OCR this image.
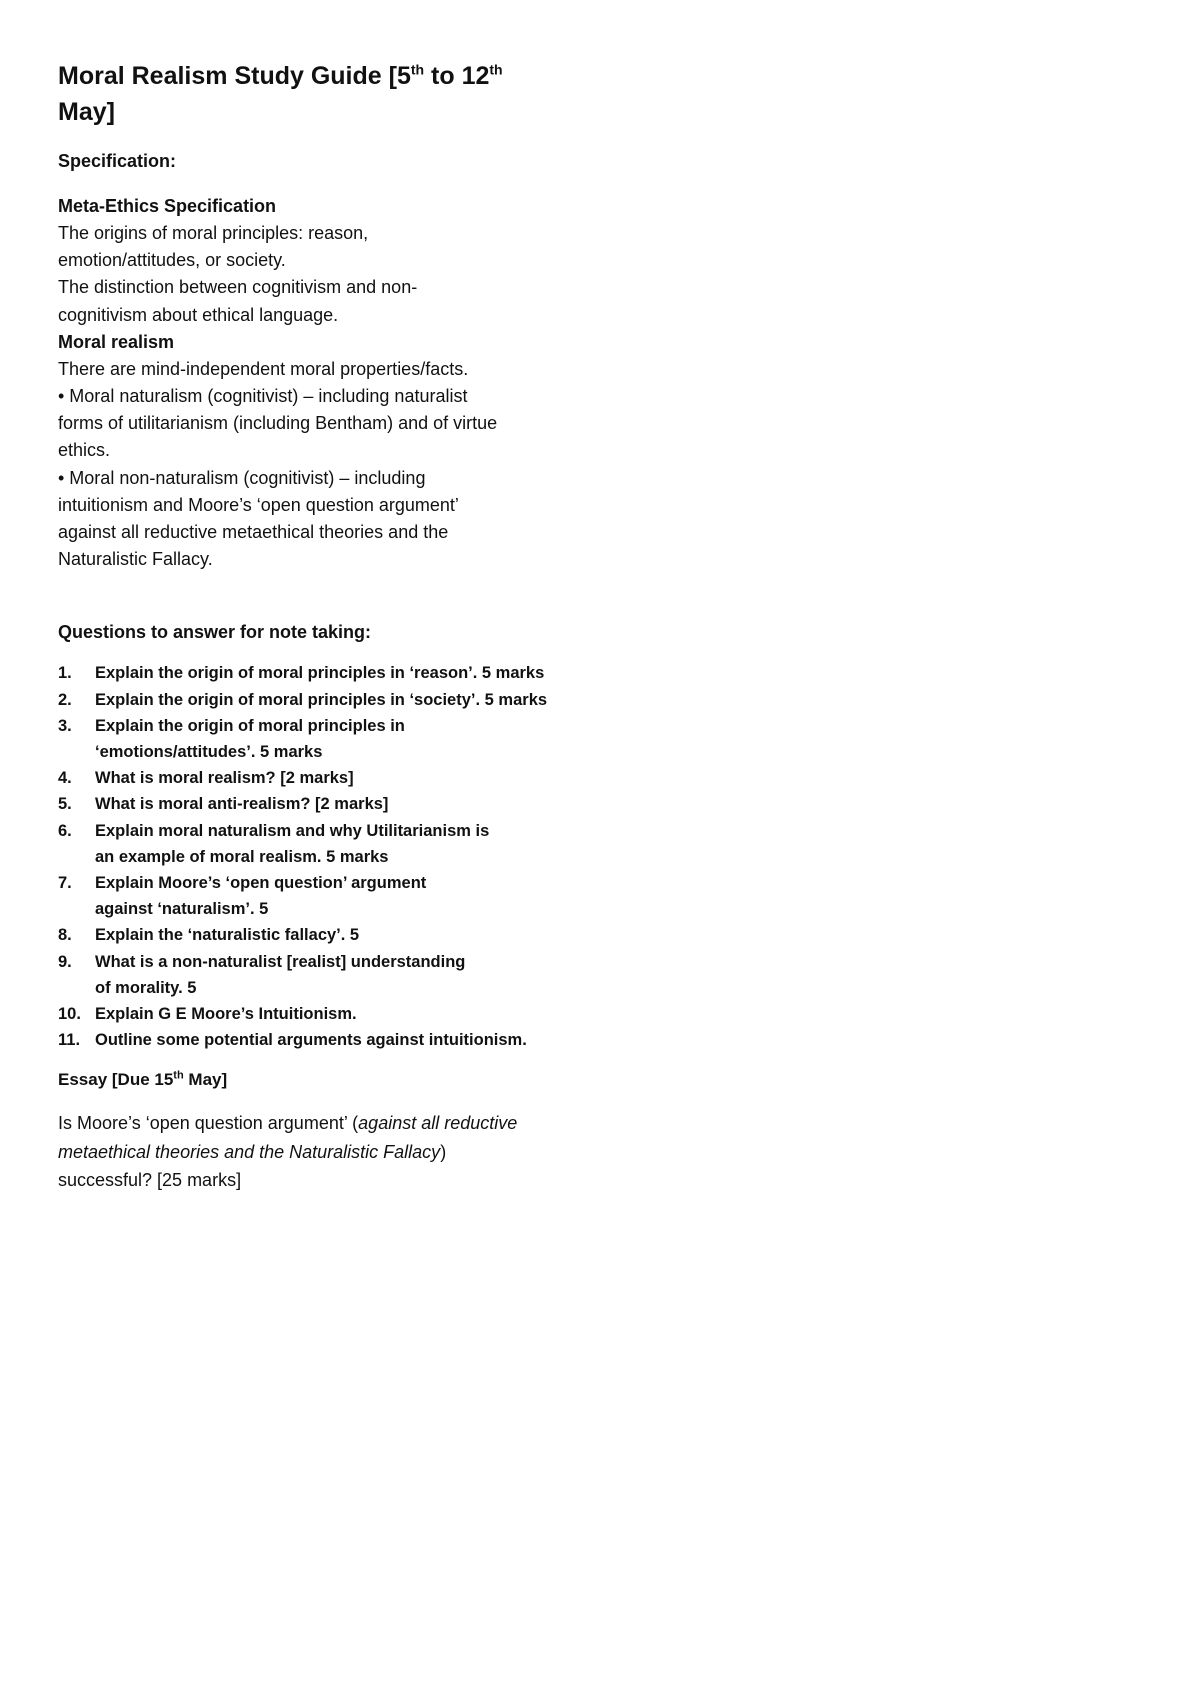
Moral Realism Study Guide [5th to 12th May]

Specification:

Meta-Ethics Specification

The origins of moral principles: reason,

emotion/attitudes, or society.

The distinction between cognitivism and non-

cognitivism about ethical language.

Moral realism

There are mind-independent moral properties/facts.

• Moral naturalism (cognitivist) – including naturalist

forms of utilitarianism (including Bentham) and of virtue

ethics.

• Moral non-naturalism (cognitivist) – including

intuitionism and Moore’s ‘open question argument’

against all reductive metaethical theories and the

Naturalistic Fallacy.

Questions to answer for note taking:

1.	Explain the origin of moral principles in ‘reason’. 5 marks
2.	Explain the origin of moral principles in ‘society’. 5 marks
3.	Explain the origin of moral principles in ‘emotions/attitudes’. 5 marks
4.	What is moral realism? [2 marks]
5.	What is moral anti-realism? [2 marks]
6.	Explain moral naturalism and why Utilitarianism is an example of moral realism. 5 marks
7.	Explain Moore’s ‘open question’ argument against ‘naturalism’. 5
8.	Explain the ‘naturalistic fallacy’. 5
9.	What is a non-naturalist [realist] understanding of morality. 5
10. Explain G E Moore’s Intuitionism.
11. Outline some potential arguments against intuitionism.

Essay [Due 15th May]

Is Moore’s ‘open question argument’ (against all reductive metaethical theories and the Naturalistic Fallacy) successful? [25 marks]
